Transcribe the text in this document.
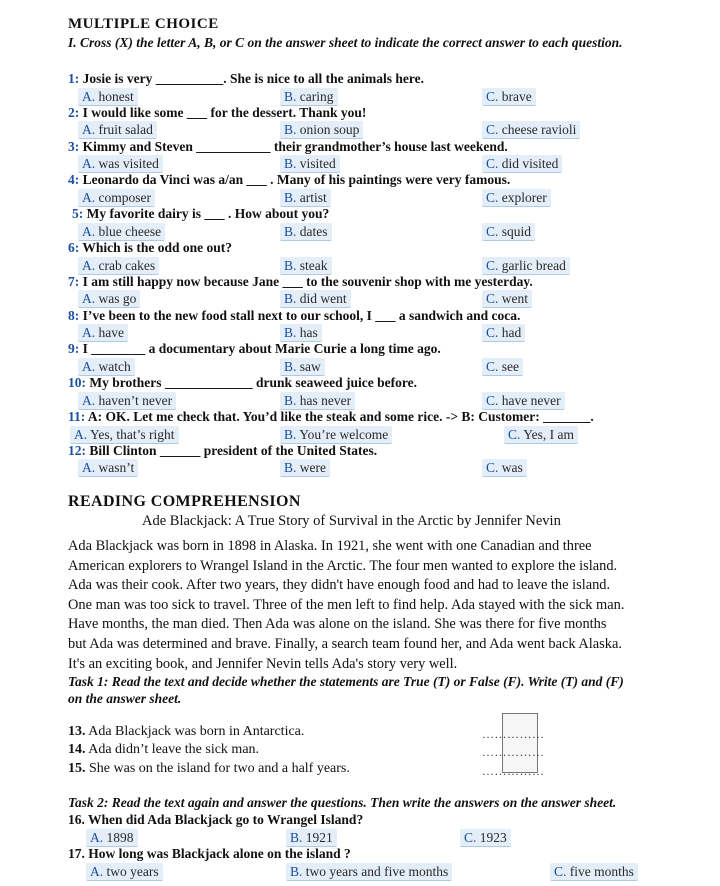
MULTIPLE CHOICE
I. Cross (X) the letter A, B, or C on the answer sheet to indicate the correct answer to each question.
1: Josie is very __________. She is nice to all the animals here.
A. honest	B. caring	C. brave
2: I would like some ___ for the dessert. Thank you!
A. fruit salad	B. onion soup	C. cheese ravioli
3: Kimmy and Steven ___________ their grandmother’s house last weekend.
A. was visited	B. visited	C. did visited
4: Leonardo da Vinci was a/an ___ . Many of his paintings were very famous.
A. composer	B. artist	C. explorer
5: My favorite dairy is ___ . How about you?
A. blue cheese	B. dates	C. squid
6: Which is the odd one out?
A. crab cakes	B. steak	C. garlic bread
7: I am still happy now because Jane ___ to the souvenir shop with me yesterday.
A. was go	B. did went	C. went
8: I’ve been to the new food stall next to our school, I ___ a sandwich and coca.
A. have	B. has	C. had
9: I ________ a documentary about Marie Curie a long time ago.
A. watch	B. saw	C. see
10: My brothers _____________ drunk seaweed juice before.
A. haven’t never	B. has never	C. have never
11: A: OK. Let me check that. You’d like the steak and some rice. -> B: Customer: _______.
A. Yes, that’s right	B. You’re welcome	C. Yes, I am
12: Bill Clinton ______ president of the United States.
A. wasn’t	B. were	C. was
READING COMPREHENSION
Ade Blackjack: A True Story of Survival in the Arctic by Jennifer Nevin
Ada Blackjack was born in 1898 in Alaska. In 1921, she went with one Canadian and three
American explorers to Wrangel Island in the Arctic. The four men wanted to explore the island.
Ada was their cook. After two years, they didn't have enough food and had to leave the island.
One man was too sick to travel. Three of the men left to find help. Ada stayed with the sick man.
Have months, the man died. Then Ada was alone on the island. She was there for five months
but Ada was determined and brave. Finally, a search team found her, and Ada went back Alaska.
It's an exciting book, and Jennifer Nevin tells Ada's story very well.
Task 1: Read the text and decide whether the statements are True (T) or False (F). Write (T) and (F)
on the answer sheet.
13. Ada Blackjack was born in Antarctica.	……………
14. Ada didn’t leave the sick man.	……………
15. She was on the island for two and a half years.	……………
Task 2: Read the text again and answer the questions. Then write the answers on the answer sheet.
16. When did Ada Blackjack go to Wrangel Island?
A. 1898	B. 1921	C. 1923
17. How long was Blackjack alone on the island ?
A. two years	B. two years and five months	C. five months
